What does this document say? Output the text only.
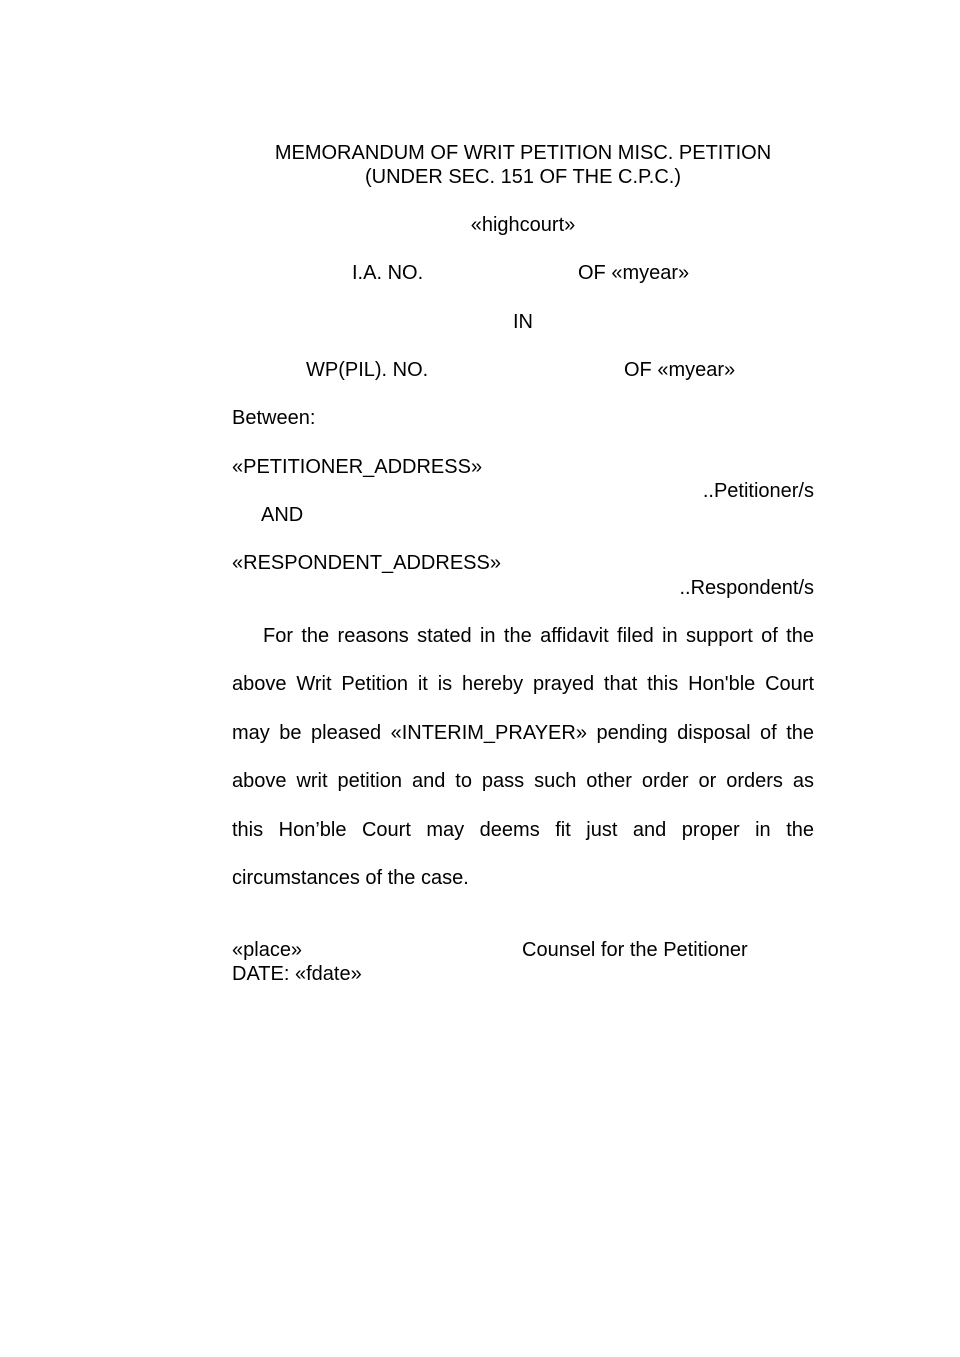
MEMORANDUM OF WRIT PETITION MISC. PETITION
(UNDER SEC. 151 OF THE C.P.C.)
«highcourt»
I.A. NO.	OF «myear»
IN
WP(PIL). NO.	OF «myear»
Between:
«PETITIONER_ADDRESS»
..Petitioner/s
AND
«RESPONDENT_ADDRESS»
..Respondent/s
For the reasons stated in the affidavit filed in support of the
above Writ Petition it is hereby prayed that this Hon'ble Court
may be pleased «INTERIM_PRAYER» pending disposal of the
above writ petition and to pass such other order or orders as
this Hon’ble Court may deems fit just and proper in the
circumstances of the case.
«place»	Counsel for the Petitioner
DATE: «fdate»
